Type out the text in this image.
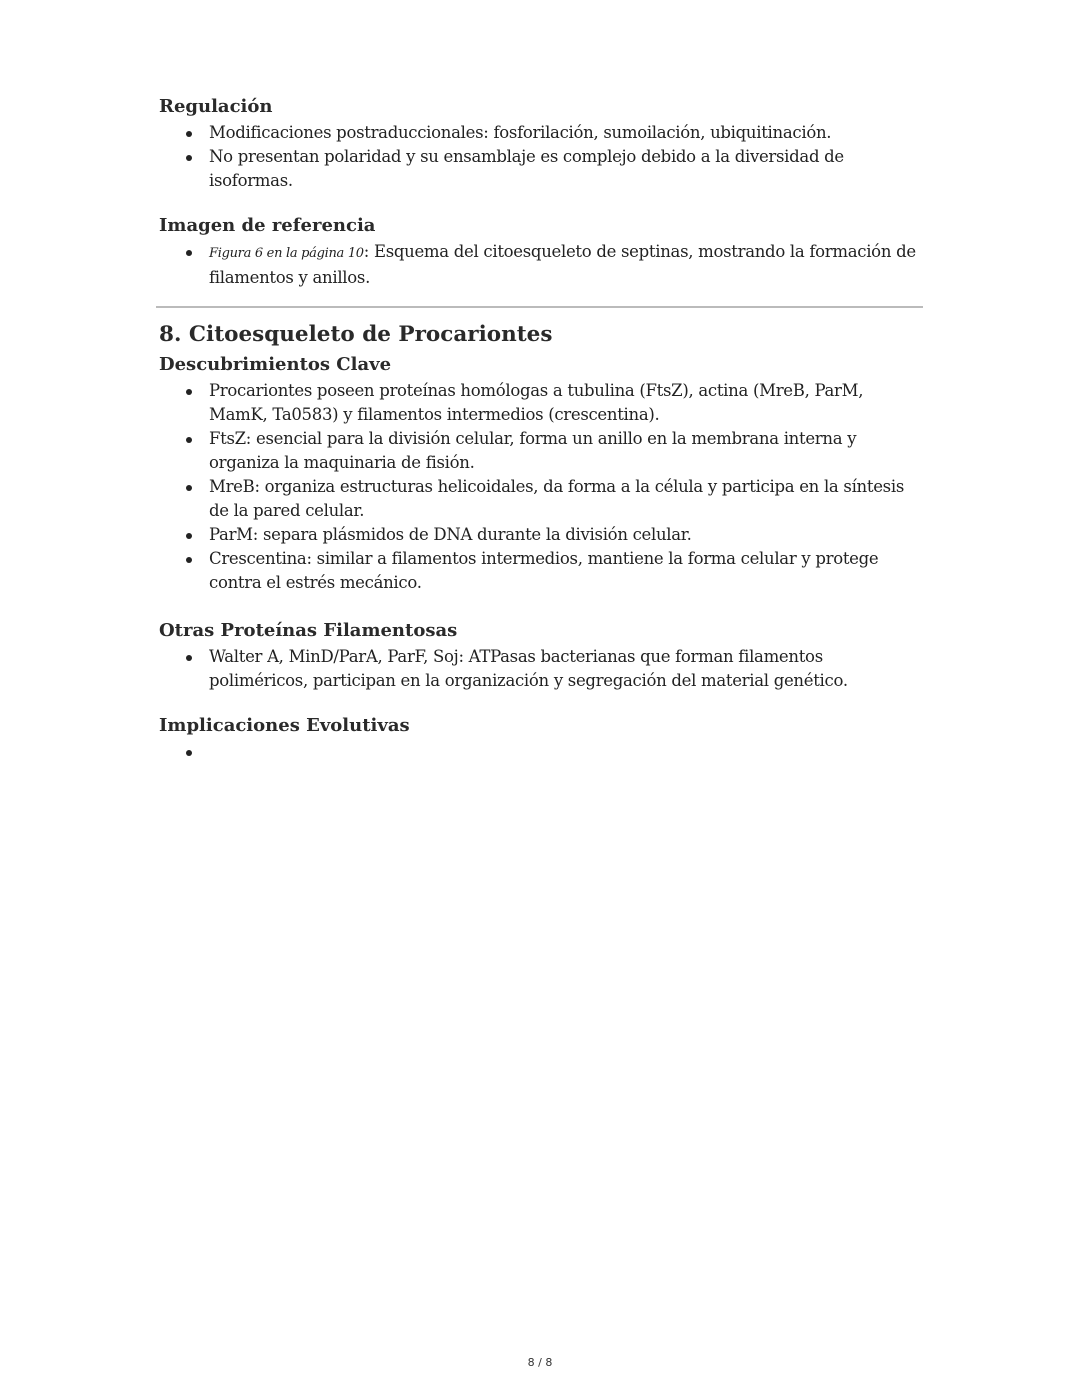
Regulación
Modificaciones postraduccionales: fosforilación, sumoilación, ubiquitinación.
No presentan polaridad y su ensamblaje es complejo debido a la diversidad de isoformas.
Imagen de referencia
Figura 6 en la página 10: Esquema del citoesqueleto de septinas, mostrando la formación de filamentos y anillos.
8. Citoesqueleto de Procariontes
Descubrimientos Clave
Procariontes poseen proteínas homólogas a tubulina (FtsZ), actina (MreB, ParM, MamK, Ta0583) y filamentos intermedios (crescentina).
FtsZ: esencial para la división celular, forma un anillo en la membrana interna y organiza la maquinaria de fisión.
MreB: organiza estructuras helicoidales, da forma a la célula y participa en la síntesis de la pared celular.
ParM: separa plásmidos de DNA durante la división celular.
Crescentina: similar a filamentos intermedios, mantiene la forma celular y protege contra el estrés mecánico.
Otras Proteínas Filamentosas
Walter A, MinD/ParA, ParF, Soj: ATPasas bacterianas que forman filamentos poliméricos, participan en la organización y segregación del material genético.
Implicaciones Evolutivas
8 / 8
